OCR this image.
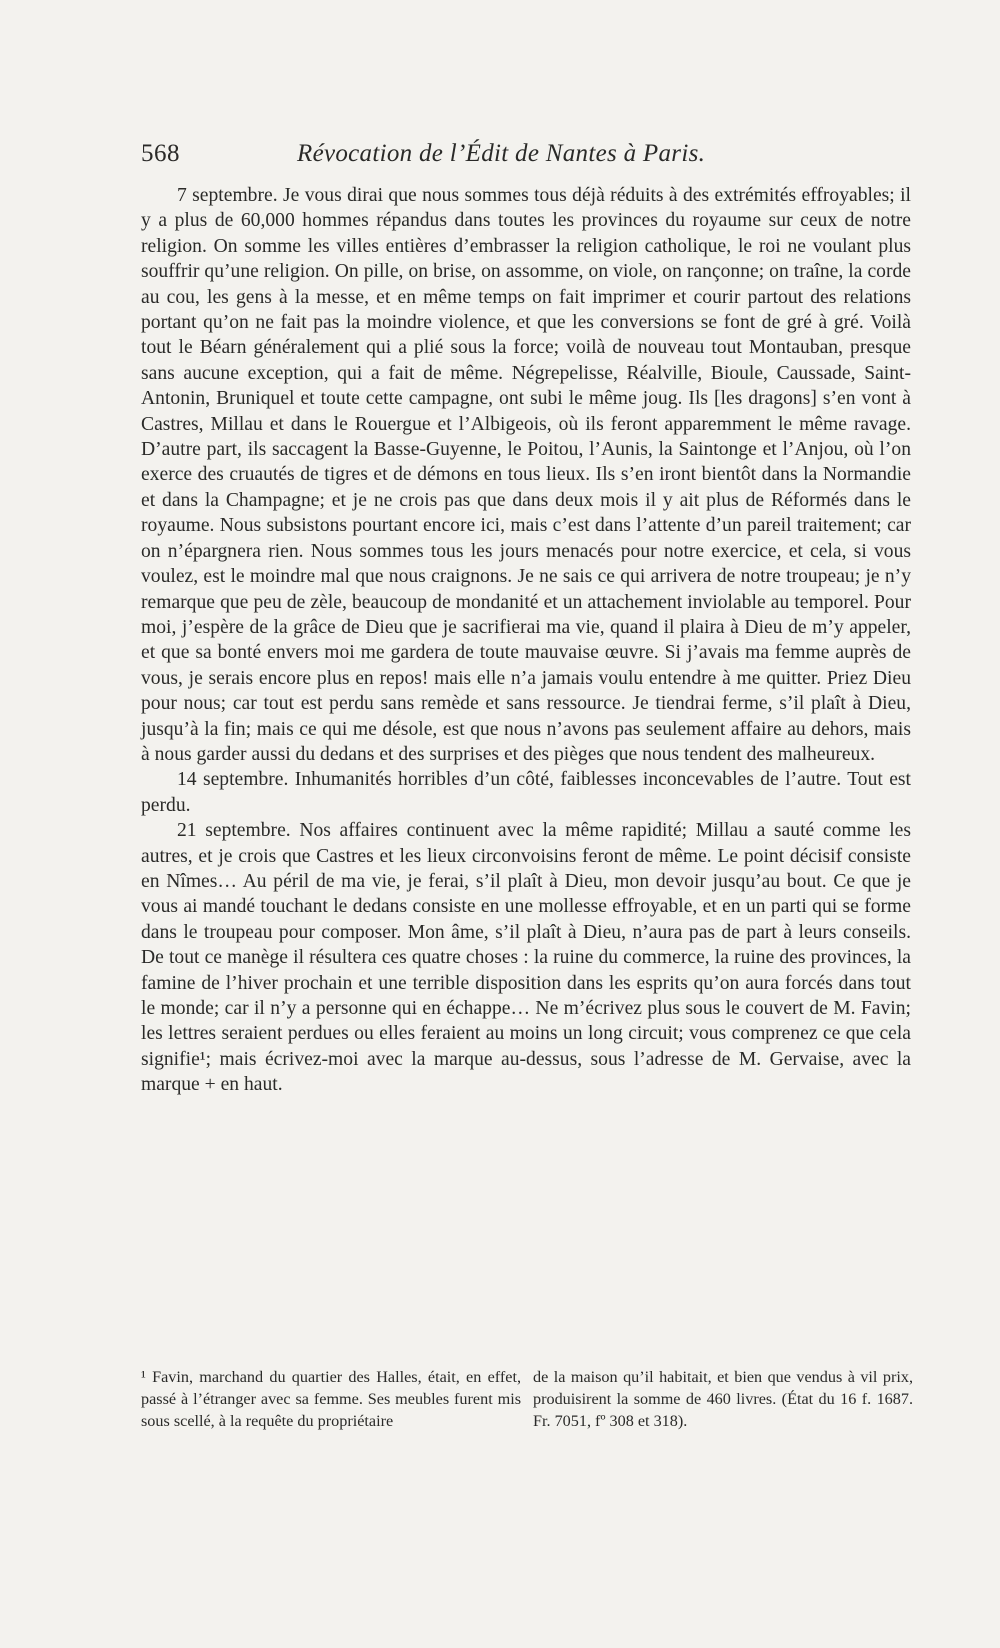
568	Révocation de l’Édit de Nantes à Paris.

7 septembre. Je vous dirai que nous sommes tous déjà réduits à des extrémités effroyables; il y a plus de 60,000 hommes répandus dans toutes les provinces du royaume sur ceux de notre religion. On somme les villes entières d’embrasser la religion catholique, le roi ne voulant plus souffrir qu’une religion. On pille, on brise, on assomme, on viole, on rançonne; on traîne, la corde au cou, les gens à la messe, et en même temps on fait imprimer et courir partout des relations portant qu’on ne fait pas la moindre violence, et que les conversions se font de gré à gré. Voilà tout le Béarn généralement qui a plié sous la force; voilà de nouveau tout Montauban, presque sans aucune exception, qui a fait de même. Négrepelisse, Réalville, Bioule, Caussade, Saint-Antonin, Bruniquel et toute cette campagne, ont subi le même joug. Ils [les dragons] s’en vont à Castres, Millau et dans le Rouergue et l’Albigeois, où ils feront apparemment le même ravage. D’autre part, ils saccagent la Basse-Guyenne, le Poitou, l’Aunis, la Saintonge et l’Anjou, où l’on exerce des cruautés de tigres et de démons en tous lieux. Ils s’en iront bientôt dans la Normandie et dans la Champagne; et je ne crois pas que dans deux mois il y ait plus de Réformés dans le royaume. Nous subsistons pourtant encore ici, mais c’est dans l’attente d’un pareil traitement; car on n’épargnera rien. Nous sommes tous les jours menacés pour notre exercice, et cela, si vous voulez, est le moindre mal que nous craignons. Je ne sais ce qui arrivera de notre troupeau; je n’y remarque que peu de zèle, beaucoup de mondanité et un attachement inviolable au temporel. Pour moi, j’espère de la grâce de Dieu que je sacrifierai ma vie, quand il plaira à Dieu de m’y appeler, et que sa bonté envers moi me gardera de toute mauvaise œuvre. Si j’avais ma femme auprès de vous, je serais encore plus en repos! mais elle n’a jamais voulu entendre à me quitter. Priez Dieu pour nous; car tout est perdu sans remède et sans ressource. Je tiendrai ferme, s’il plaît à Dieu, jusqu’à la fin; mais ce qui me désole, est que nous n’avons pas seulement affaire au dehors, mais à nous garder aussi du dedans et des surprises et des pièges que nous tendent des malheureux.

14 septembre. Inhumanités horribles d’un côté, faiblesses inconcevables de l’autre. Tout est perdu.

21 septembre. Nos affaires continuent avec la même rapidité; Millau a sauté comme les autres, et je crois que Castres et les lieux circonvoisins feront de même. Le point décisif consiste en Nîmes… Au péril de ma vie, je ferai, s’il plaît à Dieu, mon devoir jusqu’au bout. Ce que je vous ai mandé touchant le dedans consiste en une mollesse effroyable, et en un parti qui se forme dans le troupeau pour composer. Mon âme, s’il plaît à Dieu, n’aura pas de part à leurs conseils. De tout ce manège il résultera ces quatre choses : la ruine du commerce, la ruine des provinces, la famine de l’hiver prochain et une terrible disposition dans les esprits qu’on aura forcés dans tout le monde; car il n’y a personne qui en échappe… Ne m’écrivez plus sous le couvert de M. Favin; les lettres seraient perdues ou elles feraient au moins un long circuit; vous comprenez ce que cela signifie¹; mais écrivez-moi avec la marque au-dessus, sous l’adresse de M. Gervaise, avec la marque + en haut.

¹ Favin, marchand du quartier des Halles, était, en effet, passé à l’étranger avec sa femme. Ses meubles furent mis sous scellé, à la requête du propriétaire

de la maison qu’il habitait, et bien que vendus à vil prix, produisirent la somme de 460 livres. (État du 16 f. 1687. Fr. 7051, fº 308 et 318).
